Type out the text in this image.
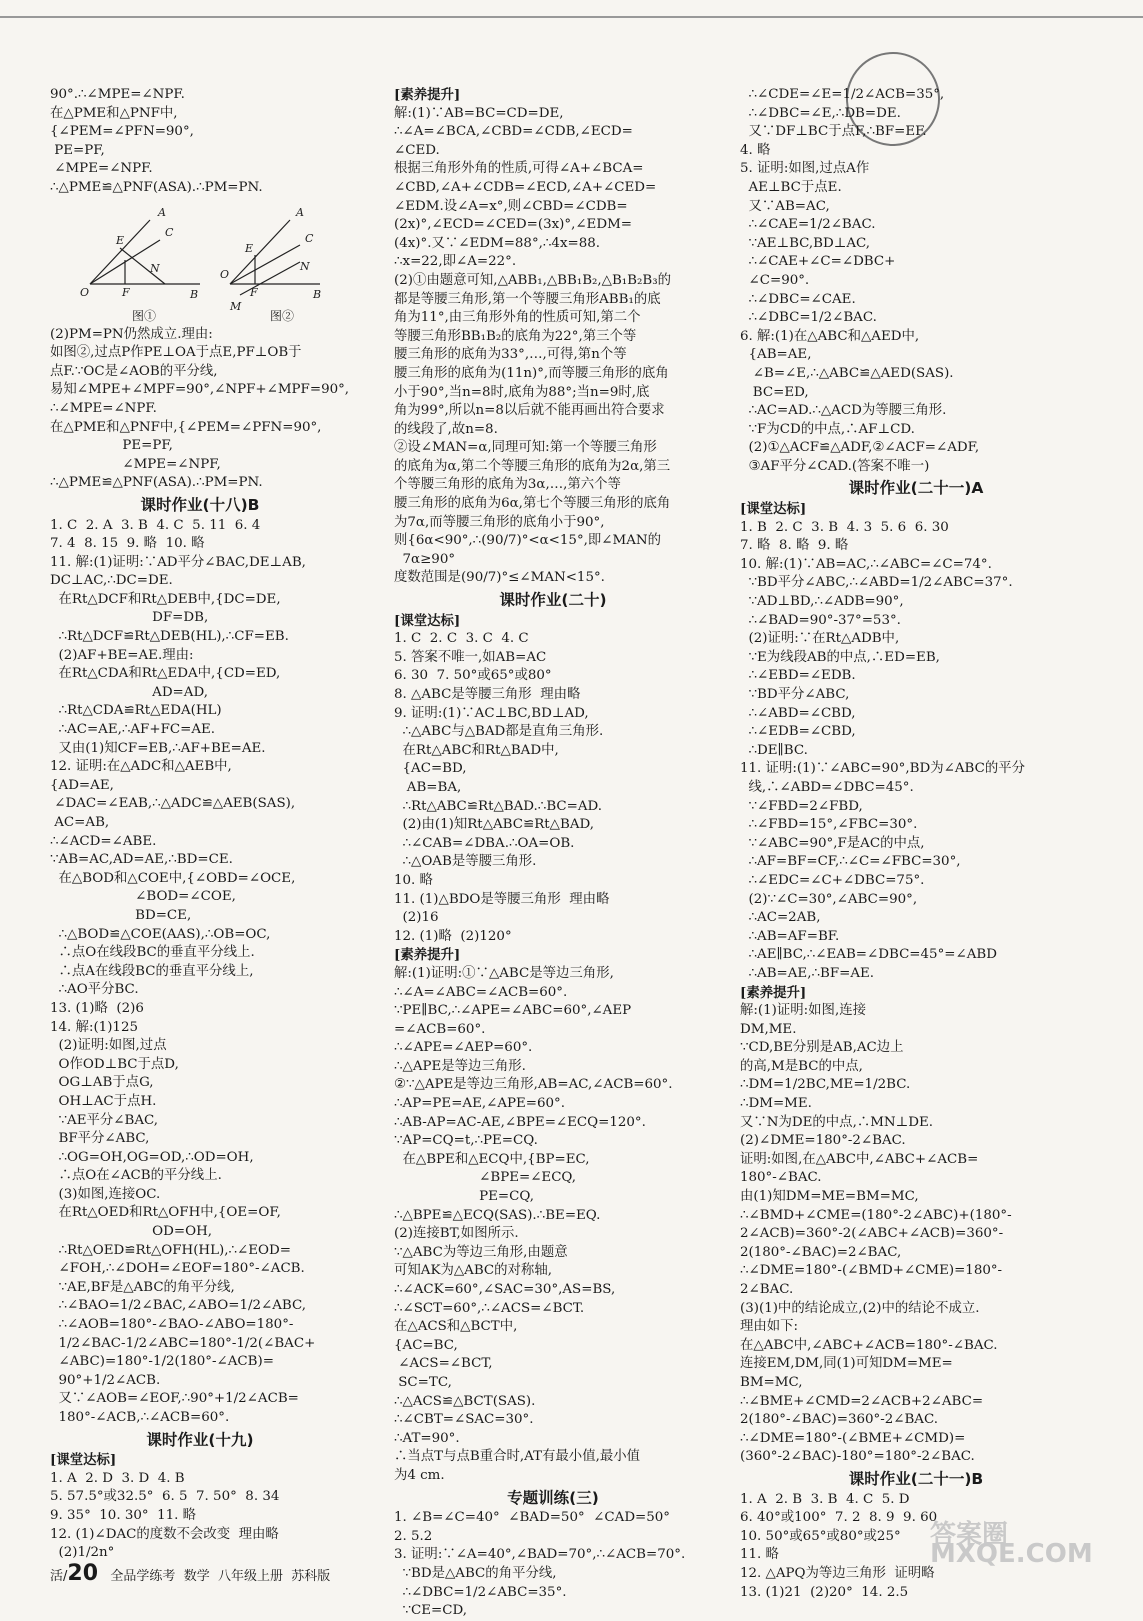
90°.∴∠MPE=∠NPF.
在△PME和△PNF中,
{∠PEM=∠PFN=90°,
PE=PF,
∠MPE=∠NPF.
∴△PME≌△PNF(ASA).∴PM=PN.
E
A
C
O	F
N
B
E
A
C
O
F
N
B
M
图①	图②
(2)PM=PN仍然成立.理由:
如图②,过点P作PE⊥OA于点E,PF⊥OB于
点F.∵OC是∠AOB的平分线,
易知∠MPE+∠MPF=90°,∠NPF+∠MPF=90°,
∴∠MPE=∠NPF.
在△PME和△PNF中,{∠PEM=∠PFN=90°,
PE=PF,
∠MPE=∠NPF,
∴△PME≌△PNF(ASA).∴PM=PN.
课时作业(十八)B
1. C  2. A  3. B  4. C  5. 11  6. 4
7. 4  8. 15  9. 略  10. 略
11. 解:(1)证明:∵AD平分∠BAC,DE⊥AB,
DC⊥AC,∴DC=DE.
在Rt△DCF和Rt△DEB中,{DC=DE,
DF=DB,
∴Rt△DCF≌Rt△DEB(HL),∴CF=EB.
(2)AF+BE=AE.理由:
在Rt△CDA和Rt△EDA中,{CD=ED,
AD=AD,
∴Rt△CDA≌Rt△EDA(HL)
∴AC=AE,∴AF+FC=AE.
又由(1)知CF=EB,∴AF+BE=AE.
12. 证明:在△ADC和△AEB中,
{AD=AE,
∠DAC=∠EAB,∴△ADC≌△AEB(SAS),
AC=AB,
∴∠ACD=∠ABE.
∵AB=AC,AD=AE,∴BD=CE.
在△BOD和△COE中,{∠OBD=∠OCE,
∠BOD=∠COE,
BD=CE,
∴△BOD≌△COE(AAS),∴OB=OC,
∴点O在线段BC的垂直平分线上.
∴点A在线段BC的垂直平分线上,
∴AO平分BC.
13. (1)略  (2)6
14. 解:(1)125
(2)证明:如图,过点
O作OD⊥BC于点D,
OG⊥AB于点G,
OH⊥AC于点H.
∵AE平分∠BAC,
BF平分∠ABC,
∴OG=OH,OG=OD,∴OD=OH,
∴点O在∠ACB的平分线上.
(3)如图,连接OC.
在Rt△OED和Rt△OFH中,{OE=OF,
OD=OH,
∴Rt△OED≌Rt△OFH(HL),∴∠EOD=
∠FOH,∴∠DOH=∠EOF=180°-∠ACB.
∵AE,BF是△ABC的角平分线,
∴∠BAO=1/2∠BAC,∠ABO=1/2∠ABC,
∴∠AOB=180°-∠BAO-∠ABO=180°-
1/2∠BAC-1/2∠ABC=180°-1/2(∠BAC+
∠ABC)=180°-1/2(180°-∠ACB)=
90°+1/2∠ACB.
又∵∠AOB=∠EOF,∴90°+1/2∠ACB=
180°-∠ACB,∴∠ACB=60°.
课时作业(十九)
[课堂达标]
1. A  2. D  3. D  4. B
5. 57.5°或32.5°  6. 5  7. 50°  8. 34
9. 35°  10. 30°  11. 略
12. (1)∠DAC的度数不会改变  理由略
(2)1/2n°
[素养提升]
解:(1)∵AB=BC=CD=DE,
∴∠A=∠BCA,∠CBD=∠CDB,∠ECD=
∠CED.
根据三角形外角的性质,可得∠A+∠BCA=
∠CBD,∠A+∠CDB=∠ECD,∠A+∠CED=
∠EDM.设∠A=x°,则∠CBD=∠CDB=
(2x)°,∠ECD=∠CED=(3x)°,∠EDM=
(4x)°.又∵∠EDM=88°,∴4x=88.
∴x=22,即∠A=22°.
(2)①由题意可知,△ABB₁,△BB₁B₂,△B₁B₂B₃的
都是等腰三角形,第一个等腰三角形ABB₁的底
角为11°,由三角形外角的性质可知,第二个
等腰三角形BB₁B₂的底角为22°,第三个等
腰三角形的底角为33°,…,可得,第n个等
腰三角形的底角为(11n)°,而等腰三角形的底角
小于90°,当n=8时,底角为88°;当n=9时,底
角为99°,所以n=8以后就不能再画出符合要求
的线段了,故n=8.
②设∠MAN=α,同理可知:第一个等腰三角形
的底角为α,第二个等腰三角形的底角为2α,第三
个等腰三角形的底角为3α,…,第六个等
腰三角形的底角为6α,第七个等腰三角形的底角
为7α,而等腰三角形的底角小于90°,
则{6α<90°,∴(90/7)°<α<15°,即∠MAN的
7α≥90°
度数范围是(90/7)°≤∠MAN<15°.
课时作业(二十)
[课堂达标]
1. C  2. C  3. C  4. C
5. 答案不唯一,如AB=AC
6. 30  7. 50°或65°或80°
8. △ABC是等腰三角形  理由略
9. 证明:(1)∵AC⊥BC,BD⊥AD,
∴△ABC与△BAD都是直角三角形.
在Rt△ABC和Rt△BAD中,
{AC=BD,
AB=BA,
∴Rt△ABC≌Rt△BAD.∴BC=AD.
(2)由(1)知Rt△ABC≌Rt△BAD,
∴∠CAB=∠DBA.∴OA=OB.
∴△OAB是等腰三角形.
10. 略
11. (1)△BDO是等腰三角形  理由略
(2)16
12. (1)略  (2)120°
[素养提升]
解:(1)证明:①∵△ABC是等边三角形,
∴∠A=∠ABC=∠ACB=60°.
∵PE∥BC,∴∠APE=∠ABC=60°,∠AEP
=∠ACB=60°.
∴∠APE=∠AEP=60°.
∴△APE是等边三角形.
②∵△APE是等边三角形,AB=AC,∠ACB=60°.
∴AP=PE=AE,∠APE=60°.
∴AB-AP=AC-AE,∠BPE=∠ECQ=120°.
∵AP=CQ=t,∴PE=CQ.
在△BPE和△ECQ中,{BP=EC,
∠BPE=∠ECQ,
PE=CQ,
∴△BPE≌△ECQ(SAS).∴BE=EQ.
(2)连接BT,如图所示.
∵△ABC为等边三角形,由题意
可知AK为△ABC的对称轴,
∴∠ACK=60°,∠SAC=30°,AS=BS,
∴∠SCT=60°,∴∠ACS=∠BCT.
在△ACS和△BCT中,
{AC=BC,
∠ACS=∠BCT,
SC=TC,
∴△ACS≌△BCT(SAS).
∴∠CBT=∠SAC=30°.
∴AT=90°.
∴当点T与点B重合时,AT有最小值,最小值
为4 cm.
专题训练(三)
1. ∠B=∠C=40°  ∠BAD=50°  ∠CAD=50°
2. 5.2
3. 证明:∵∠A=40°,∠BAD=70°,∴∠ACB=70°.
∵BD是△ABC的角平分线,
∴∠DBC=1/2∠ABC=35°.
∵CE=CD,
∴∠CDE=∠E=1/2∠ACB=35°,
∴∠DBC=∠E,∴DB=DE.
又∵DF⊥BC于点F,∴BF=EF.
4. 略
5. 证明:如图,过点A作
AE⊥BC于点E.
又∵AB=AC,
∴∠CAE=1/2∠BAC.
∵AE⊥BC,BD⊥AC,
∴∠CAE+∠C=∠DBC+
∠C=90°.
∴∠DBC=∠CAE.
∴∠DBC=1/2∠BAC.
6. 解:(1)在△ABC和△AED中,
{AB=AE,
∠B=∠E,∴△ABC≌△AED(SAS).
BC=ED,
∴AC=AD.∴△ACD为等腰三角形.
∵F为CD的中点,∴AF⊥CD.
(2)①△ACF≌△ADF,②∠ACF=∠ADF,
③AF平分∠CAD.(答案不唯一)
课时作业(二十一)A
[课堂达标]
1. B  2. C  3. B  4. 3  5. 6  6. 30
7. 略  8. 略  9. 略
10. 解:(1)∵AB=AC,∴∠ABC=∠C=74°.
∵BD平分∠ABC,∴∠ABD=1/2∠ABC=37°.
∵AD⊥BD,∴∠ADB=90°,
∴∠BAD=90°-37°=53°.
(2)证明:∵在Rt△ADB中,
∵E为线段AB的中点,∴ED=EB,
∴∠EBD=∠EDB.
∵BD平分∠ABC,
∴∠ABD=∠CBD,
∴∠EDB=∠CBD,
∴DE∥BC.
11. 证明:(1)∵∠ABC=90°,BD为∠ABC的平分
线,∴∠ABD=∠DBC=45°.
∵∠FBD=2∠FBD,
∴∠FBD=15°,∠FBC=30°.
∵∠ABC=90°,F是AC的中点,
∴AF=BF=CF,∴∠C=∠FBC=30°,
∴∠EDC=∠C+∠DBC=75°.
(2)∵∠C=30°,∠ABC=90°,
∴AC=2AB,
∴AB=AF=BF.
∴AE∥BC,∴∠EAB=∠DBC=45°=∠ABD
∴AB=AE,∴BF=AE.
[素养提升]
解:(1)证明:如图,连接
DM,ME.
∵CD,BE分别是AB,AC边上
的高,M是BC的中点,
∴DM=1/2BC,ME=1/2BC.
∴DM=ME.
又∵N为DE的中点,∴MN⊥DE.
(2)∠DME=180°-2∠BAC.
证明:如图,在△ABC中,∠ABC+∠ACB=
180°-∠BAC.
由(1)知DM=ME=BM=MC,
∴∠BMD+∠CME=(180°-2∠ABC)+(180°-
2∠ACB)=360°-2(∠ABC+∠ACB)=360°-
2(180°-∠BAC)=2∠BAC,
∴∠DME=180°-(∠BMD+∠CME)=180°-
2∠BAC.
(3)(1)中的结论成立,(2)中的结论不成立.
理由如下:
在△ABC中,∠ABC+∠ACB=180°-∠BAC.
连接EM,DM,同(1)可知DM=ME=
BM=MC,
∴∠BME+∠CMD=2∠ACB+2∠ABC=
2(180°-∠BAC)=360°-2∠BAC.
∴∠DME=180°-(∠BME+∠CMD)=
(360°-2∠BAC)-180°=180°-2∠BAC.
课时作业(二十一)B
1. A  2. B  3. B  4. C  5. D
6. 40°或100°  7. 2  8. 9  9. 60
10. 50°或65°或80°或25°
11. 略
12. △APQ为等边三角形  证明略
13. (1)21  (2)20°  14. 2.5
活/20 全品学练考 数学 八年级上册 苏科版
答案圈 MXQE.COM
